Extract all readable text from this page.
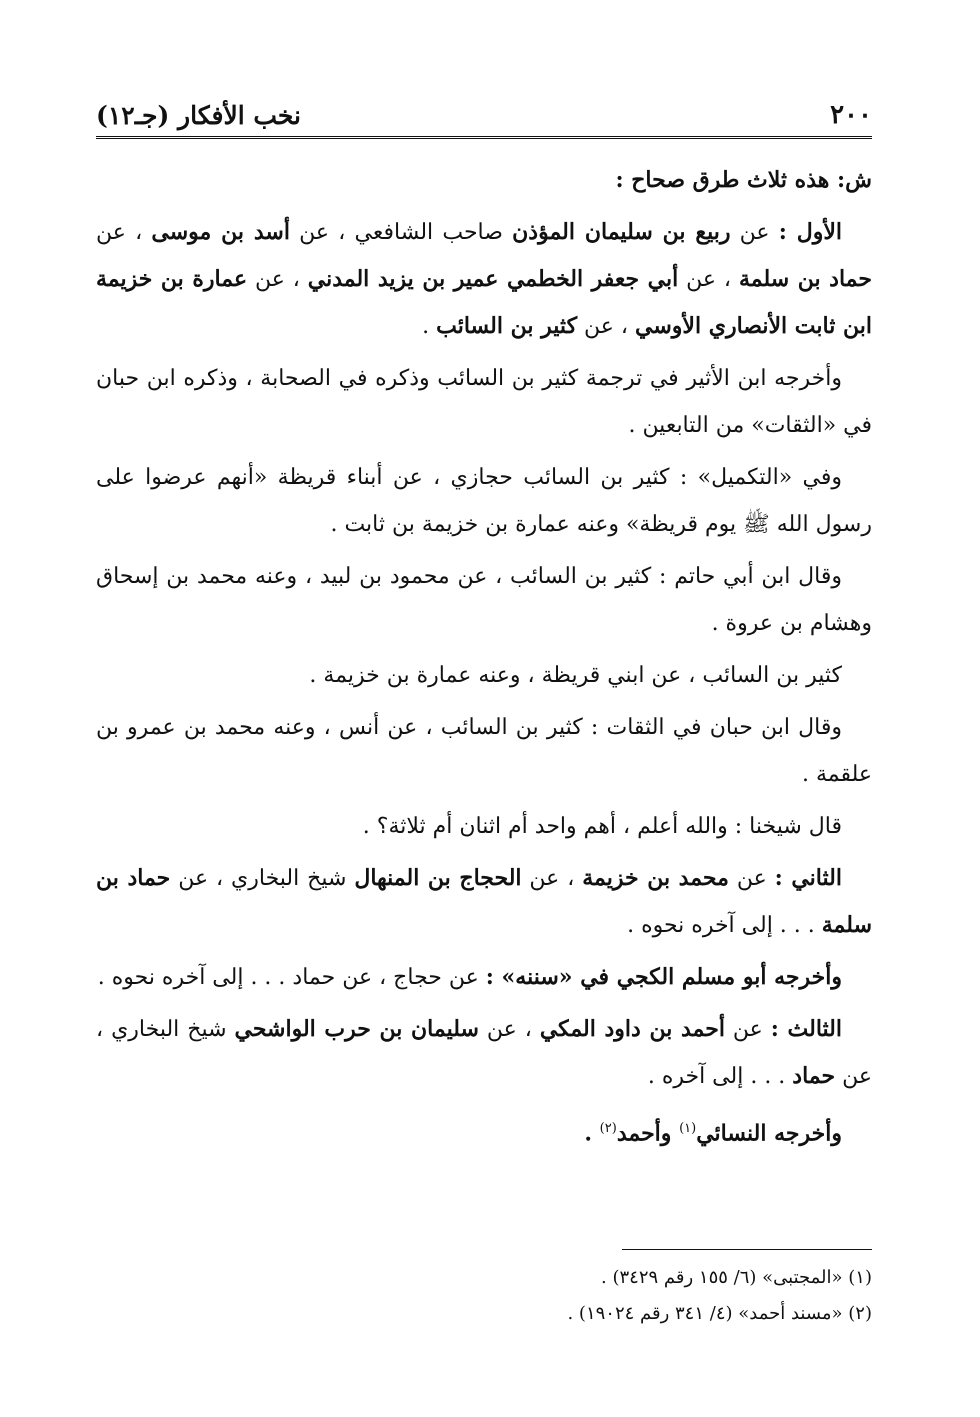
٢٠٠
نخب الأفكار (جـ١٢)

ش: هذه ثلاث طرق صحاح :

الأول : عن ربيع بن سليمان المؤذن صاحب الشافعي ، عن أسد بن موسى ، عن حماد بن سلمة ، عن أبي جعفر الخطمي عمير بن يزيد المدني ، عن عمارة بن خزيمة ابن ثابت الأنصاري الأوسي ، عن كثير بن السائب .

وأخرجه ابن الأثير في ترجمة كثير بن السائب وذكره في الصحابة ، وذكره ابن حبان في «الثقات» من التابعين .

وفي «التكميل» : كثير بن السائب حجازي ، عن أبناء قريظة «أنهم عرضوا على رسول الله ﷺ يوم قريظة» وعنه عمارة بن خزيمة بن ثابت .

وقال ابن أبي حاتم : كثير بن السائب ، عن محمود بن لبيد ، وعنه محمد بن إسحاق وهشام بن عروة .

كثير بن السائب ، عن ابني قريظة ، وعنه عمارة بن خزيمة .

وقال ابن حبان في الثقات : كثير بن السائب ، عن أنس ، وعنه محمد بن عمرو بن علقمة .

قال شيخنا : والله أعلم ، أهم واحد أم اثنان أم ثلاثة؟ .

الثاني : عن محمد بن خزيمة ، عن الحجاج بن المنهال شيخ البخاري ، عن حماد بن سلمة . . . إلى آخره نحوه .

وأخرجه أبو مسلم الكجي في «سننه» : عن حجاج ، عن حماد . . . إلى آخره نحوه .

الثالث : عن أحمد بن داود المكي ، عن سليمان بن حرب الواشحي شيخ البخاري ، عن حماد . . . إلى آخره .

وأخرجه النسائي$^{(١)}$ وأحمد$^{(٢)}$ .

(١) «المجتبى» (٦/ ١٥٥ رقم ٣٤٢٩) .

(٢) «مسند أحمد» (٤/ ٣٤١ رقم ١٩٠٢٤) .
